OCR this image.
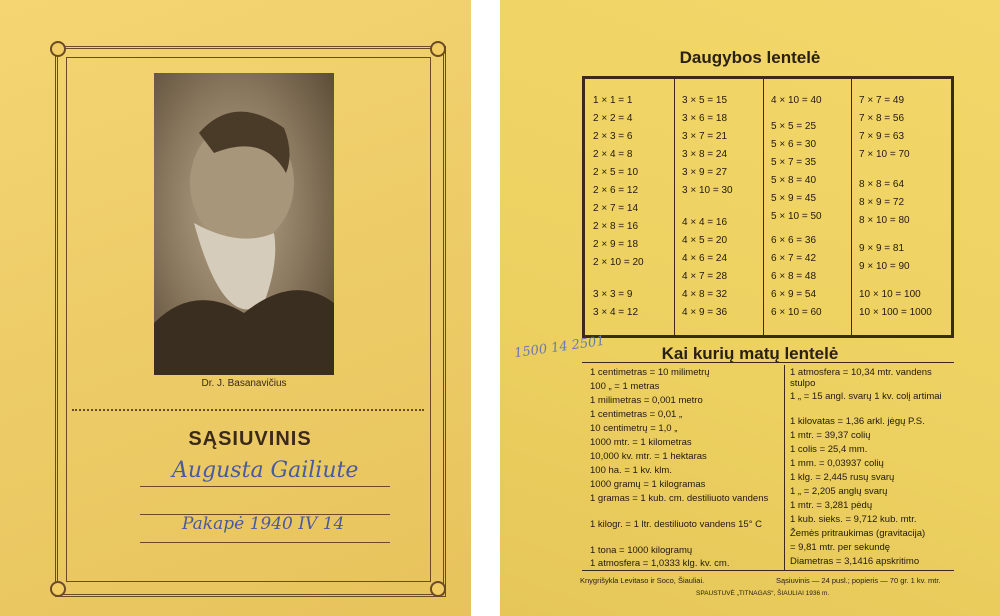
Dr. J. Basanavičius
SĄSIUVINIS
Augusta Gailiute
Pakapė 1940 IV 14
Daugybos lentelė
1 × 1 = 1
2 × 2 = 4
2 × 3 = 6
2 × 4 = 8
2 × 5 = 10
2 × 6 = 12
2 × 7 = 14
2 × 8 = 16
2 × 9 = 18
2 × 10 = 20
3 × 3 = 9
3 × 4 = 12
3 × 5 = 15
3 × 6 = 18
3 × 7 = 21
3 × 8 = 24
3 × 9 = 27
3 × 10 = 30
4 × 4 = 16
4 × 5 = 20
4 × 6 = 24
4 × 7 = 28
4 × 8 = 32
4 × 9 = 36
4 × 10 = 40
5 × 5 = 25
5 × 6 = 30
5 × 7 = 35
5 × 8 = 40
5 × 9 = 45
5 × 10 = 50
6 × 6 = 36
6 × 7 = 42
6 × 8 = 48
6 × 9 = 54
6 × 10 = 60
7 × 7 = 49
7 × 8 = 56
7 × 9 = 63
7 × 10 = 70
8 × 8 = 64
8 × 9 = 72
8 × 10 = 80
9 × 9 = 81
9 × 10 = 90
10 × 10 = 100
10 × 100 = 1000
Kai kurių matų lentelė
1 centimetras = 10 milimetrų
100 „ = 1 metras
1 milimetras = 0,001 metro
1 centimetras = 0,01 „
10 centimetrų = 1,0 „
1000 mtr. = 1 kilometras
10,000 kv. mtr. = 1 hektaras
100 ha. = 1 kv. klm.
1000 gramų = 1 kilogramas
1 gramas = 1 kub. cm. destiliuoto vandens
1 kilogr. = 1 ltr. destiliuoto vandens 15° C
1 tona = 1000 kilogramų
1 atmosfera = 1,0333 klg. kv. cm.
1 atmosfera = 10,34 mtr. vandens stulpo
1 „ = 15 angl. svarų 1 kv. colį artimai
1 kilovatas = 1,36 arkl. jėgų P.S.
1 mtr. = 39,37 colių
1 colis = 25,4 mm.
1 mm. = 0,03937 colių
1 klg. = 2,445 rusų svarų
1 „ = 2,205 anglų svarų
1 mtr. = 3,281 pėdų
1 kub. sieks. = 9,712 kub. mtr.
Žemės pritraukimas (gravitacija)
= 9,81 mtr. per sekundę
Diametras = 3,1416 apskritimo
1500 14 2501
Knygrišykla Levitaso ir Soco, Šiauliai.	Sąsiuvinis — 24 pusl.; popieris — 70 gr. 1 kv. mtr.
SPAUSTUVĖ „TITNAGAS“, ŠIAULIAI 1936 m.
